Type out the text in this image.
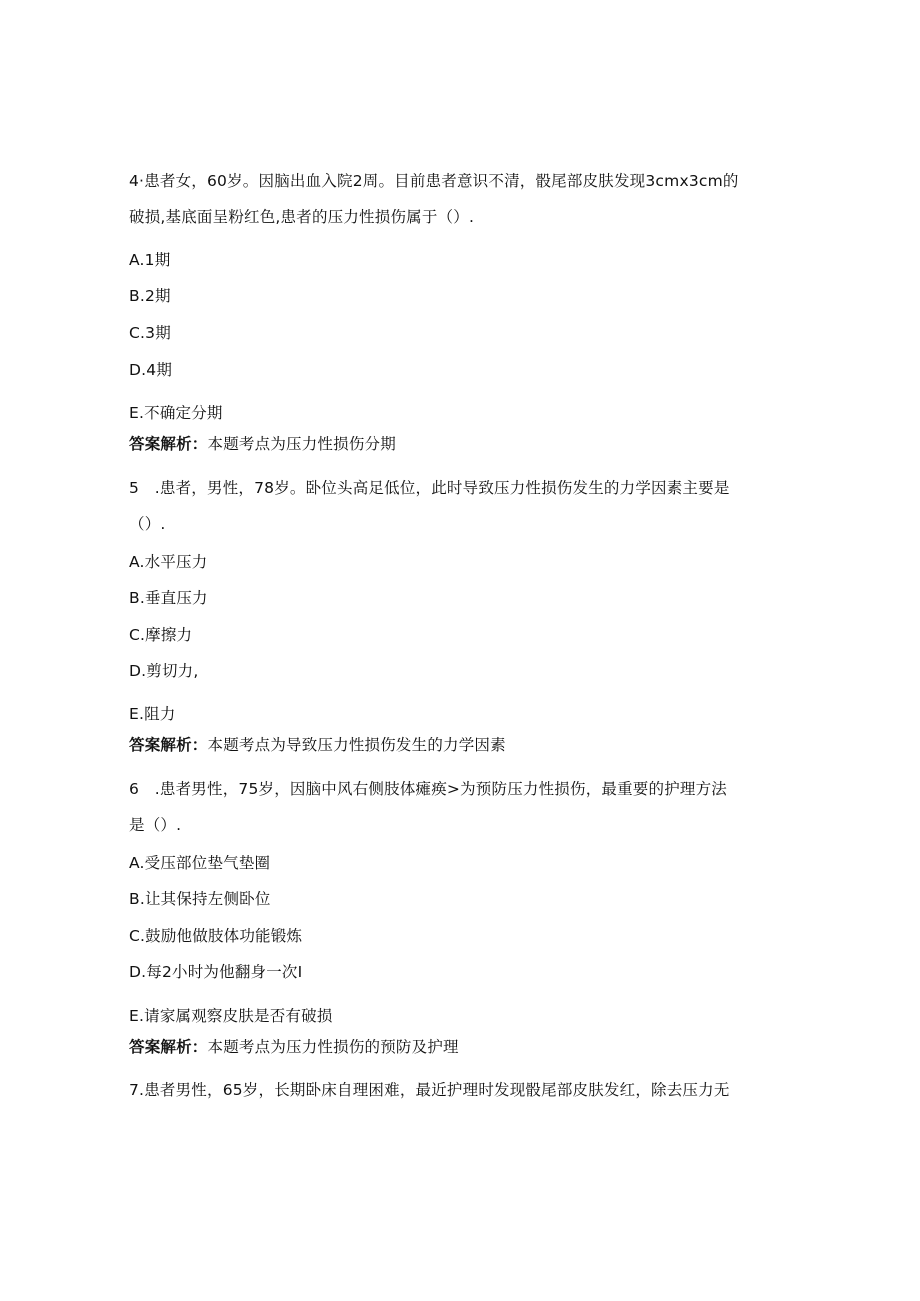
4·患者女，60岁。因脑出血入院2周。目前患者意识不清，骰尾部皮肤发现3cmx3cm的
破损,基底面呈粉红色,患者的压力性损伤属于（）.
A.1期
B.2期
C.3期
D.4期
E.不确定分期
答案解析：本题考点为压力性损伤分期
5　.患者，男性，78岁。卧位头高足低位，此时导致压力性损伤发生的力学因素主要是
（）.
A.水平压力
B.垂直压力
C.摩擦力
D.剪切力,
E.阻力
答案解析：本题考点为导致压力性损伤发生的力学因素
6　.患者男性，75岁，因脑中风右侧肢体瘫痪>为预防压力性损伤，最重要的护理方法
是（）.
A.受压部位垫气垫圈
B.让其保持左侧卧位
C.鼓励他做肢体功能锻炼
D.每2小时为他翻身一次I
E.请家属观察皮肤是否有破损
答案解析：本题考点为压力性损伤的预防及护理
7.患者男性，65岁，长期卧床自理困难，最近护理时发现骰尾部皮肤发红，除去压力无
